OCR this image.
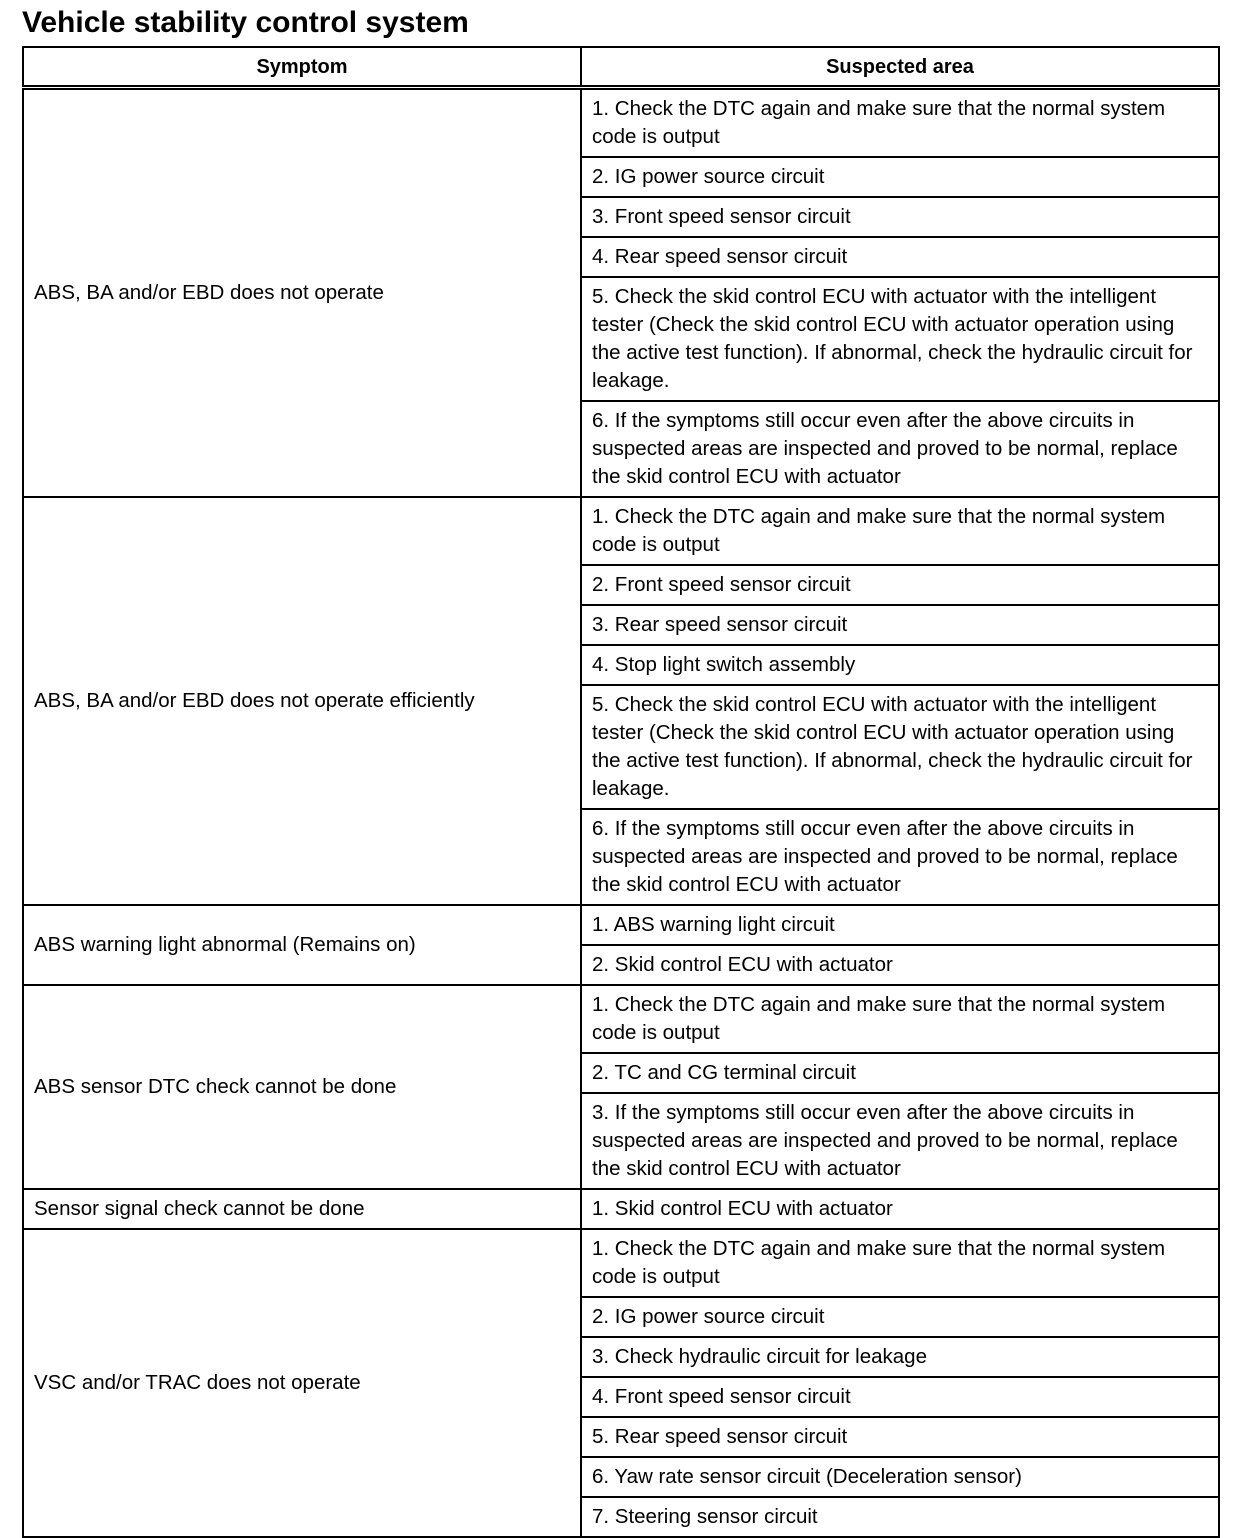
Vehicle stability control system
Symptom	Suspected area
ABS, BA and/or EBD does not operate	1. Check the DTC again and make sure that the normal system code is output
	2. IG power source circuit
	3. Front speed sensor circuit
	4. Rear speed sensor circuit
	5. Check the skid control ECU with actuator with the intelligent tester (Check the skid control ECU with actuator operation using the active test function). If abnormal, check the hydraulic circuit for leakage.
	6. If the symptoms still occur even after the above circuits in suspected areas are inspected and proved to be normal, replace the skid control ECU with actuator
ABS, BA and/or EBD does not operate efficiently	1. Check the DTC again and make sure that the normal system code is output
	2. Front speed sensor circuit
	3. Rear speed sensor circuit
	4. Stop light switch assembly
	5. Check the skid control ECU with actuator with the intelligent tester (Check the skid control ECU with actuator operation using the active test function). If abnormal, check the hydraulic circuit for leakage.
	6. If the symptoms still occur even after the above circuits in suspected areas are inspected and proved to be normal, replace the skid control ECU with actuator
ABS warning light abnormal (Remains on)	1. ABS warning light circuit
	2. Skid control ECU with actuator
ABS sensor DTC check cannot be done	1. Check the DTC again and make sure that the normal system code is output
	2. TC and CG terminal circuit
	3. If the symptoms still occur even after the above circuits in suspected areas are inspected and proved to be normal, replace the skid control ECU with actuator
Sensor signal check cannot be done	1. Skid control ECU with actuator
VSC and/or TRAC does not operate	1. Check the DTC again and make sure that the normal system code is output
	2. IG power source circuit
	3. Check hydraulic circuit for leakage
	4. Front speed sensor circuit
	5. Rear speed sensor circuit
	6. Yaw rate sensor circuit (Deceleration sensor)
	7. Steering sensor circuit
